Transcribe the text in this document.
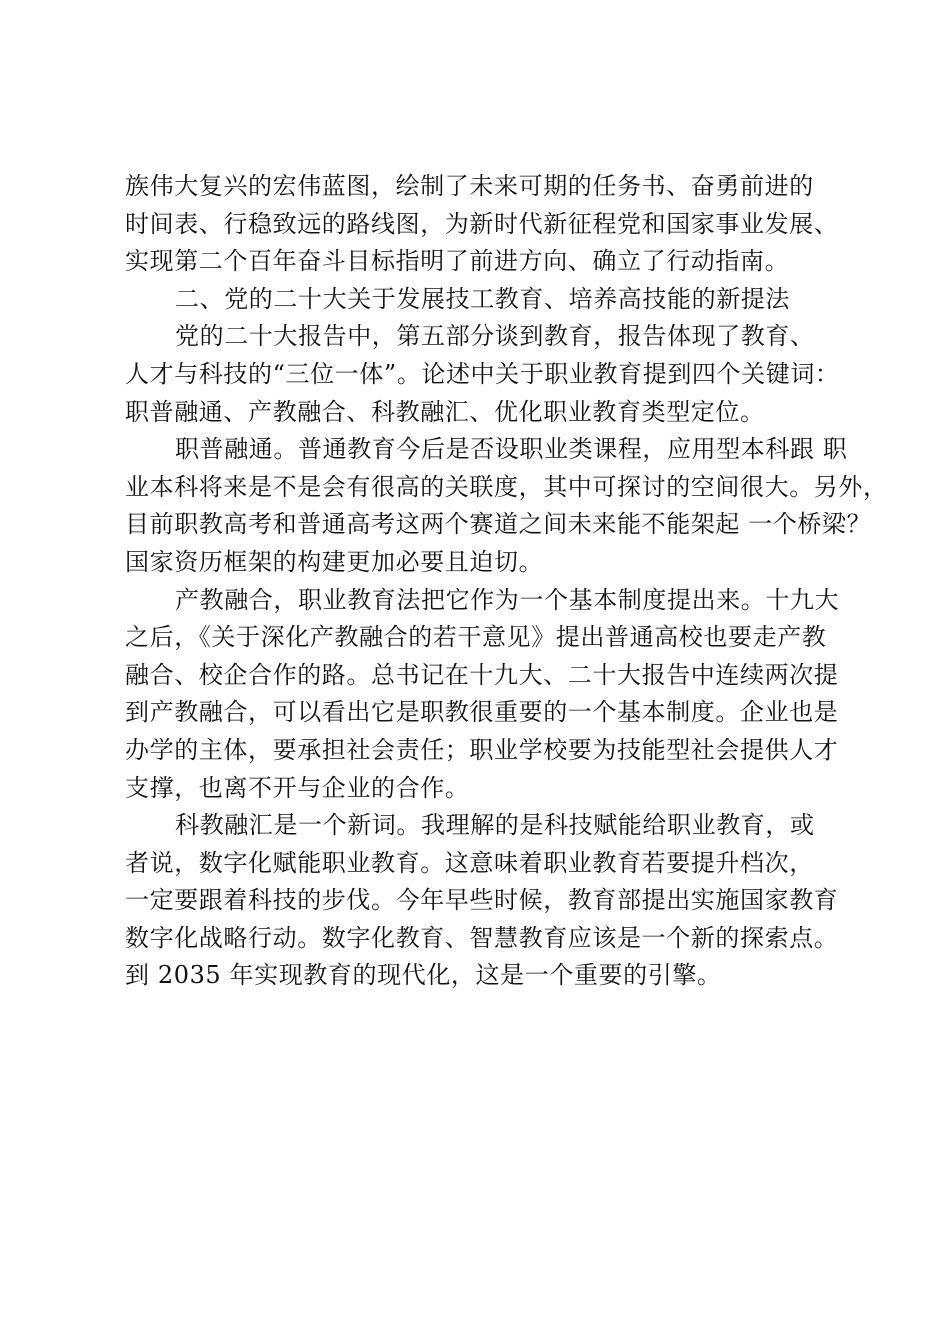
族伟大复兴的宏伟蓝图，绘制了未来可期的任务书、奋勇前进的
时间表、行稳致远的路线图，为新时代新征程党和国家事业发展、
实现第二个百年奋斗目标指明了前进方向、确立了行动指南。
二、党的二十大关于发展技工教育、培养高技能的新提法
党的二十大报告中，第五部分谈到教育，报告体现了教育、
人才与科技的“三位一体”。论述中关于职业教育提到四个关键词：
职普融通、产教融合、科教融汇、优化职业教育类型定位。
职普融通。普通教育今后是否设职业类课程，应用型本科跟 职
业本科将来是不是会有很高的关联度，其中可探讨的空间很大。另外，
目前职教高考和普通高考这两个赛道之间未来能不能架起 一个桥梁？
国家资历框架的构建更加必要且迫切。
产教融合，职业教育法把它作为一个基本制度提出来。十九大
之后，《关于深化产教融合的若干意见》提出普通高校也要走产教
融合、校企合作的路。总书记在十九大、二十大报告中连续两次提
到产教融合，可以看出它是职教很重要的一个基本制度。企业也是
办学的主体，要承担社会责任；职业学校要为技能型社会提供人才
支撑，也离不开与企业的合作。
科教融汇是一个新词。我理解的是科技赋能给职业教育，或
者说，数字化赋能职业教育。这意味着职业教育若要提升档次，
一定要跟着科技的步伐。今年早些时候，教育部提出实施国家教育
数字化战略行动。数字化教育、智慧教育应该是一个新的探索点。
到 2035 年实现教育的现代化，这是一个重要的引擎。
